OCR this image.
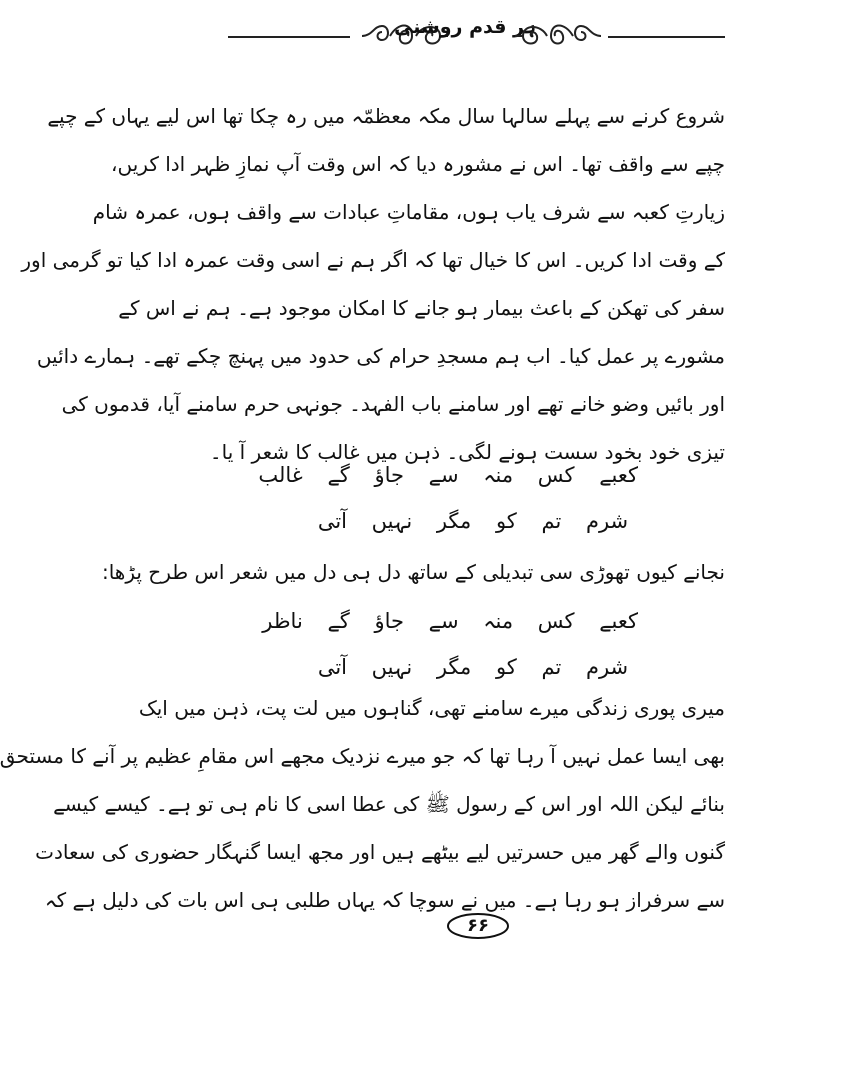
ہر قدم روشنی

شروع کرنے سے پہلے سالہا سال مکہ معظمّہ میں رہ چکا تھا اس لیے یہاں کے چپے

چپے سے واقف تھا۔ اس نے مشورہ دیا کہ اس وقت آپ نمازِ ظہر ادا کریں،

زیارتِ کعبہ سے شرف یاب ہوں، مقاماتِ عبادات سے واقف ہوں، عمرہ شام

کے وقت ادا کریں۔ اس کا خیال تھا کہ اگر ہم نے اسی وقت عمرہ ادا کیا تو گرمی اور

سفر کی تھکن کے باعث بیمار ہو جانے کا امکان موجود ہے۔ ہم نے اس کے

مشورے پر عمل کیا۔ اب ہم مسجدِ حرام کی حدود میں پہنچ چکے تھے۔ ہمارے دائیں

اور بائیں وضو خانے تھے اور سامنے باب الفہد۔ جونہی حرم سامنے آیا، قدموں کی

تیزی خود بخود سست ہونے لگی۔ ذہن میں غالب کا شعر آ یا۔

کعبے کس منہ سے جاؤ گے غالب
شرم تم کو مگر نہیں آتی
نجانے کیوں تھوڑی سی تبدیلی کے ساتھ دل ہی دل میں شعر اس طرح پڑھا:
کعبے کس منہ سے جاؤ گے ناظر
شرم تم کو مگر نہیں آتی

میری پوری زندگی میرے سامنے تھی، گناہوں میں لت پت، ذہن میں ایک

بھی ایسا عمل نہیں آ رہا تھا کہ جو میرے نزدیک مجھے اس مقامِ عظیم پر آنے کا مستحق

بنائے لیکن اللہ اور اس کے رسول ﷺ کی عطا اسی کا نام ہی تو ہے۔ کیسے کیسے

گنوں والے گھر میں حسرتیں لیے بیٹھے ہیں اور مجھ ایسا گنہگار حضوری کی سعادت

سے سرفراز ہو رہا ہے۔ میں نے سوچا کہ یہاں طلبی ہی اس بات کی دلیل ہے کہ

۶۶
